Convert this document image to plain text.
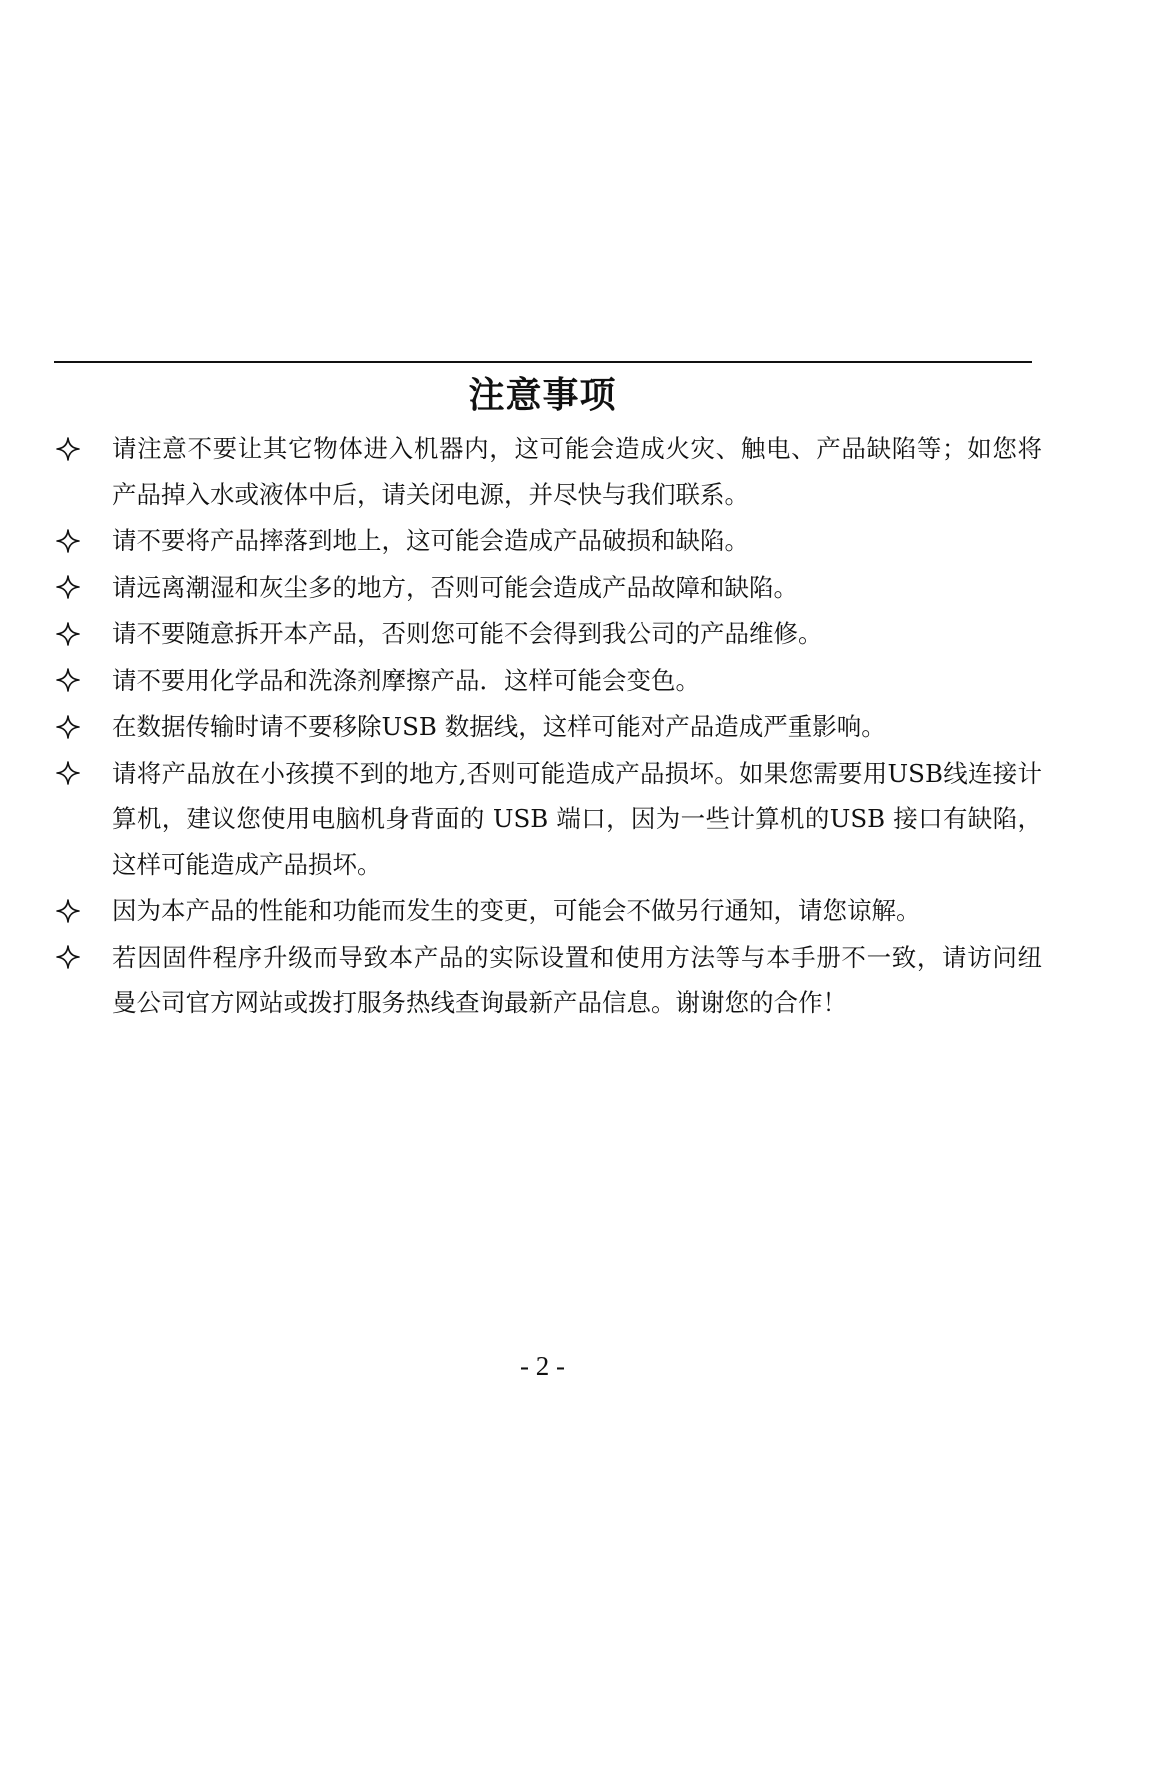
注意事项
请注意不要让其它物体进入机器内，这可能会造成火灾、触电、产品缺陷等；如您将产品掉入水或液体中后，请关闭电源，并尽快与我们联系。
请不要将产品摔落到地上，这可能会造成产品破损和缺陷。
请远离潮湿和灰尘多的地方，否则可能会造成产品故障和缺陷。
请不要随意拆开本产品，否则您可能不会得到我公司的产品维修。
请不要用化学品和洗涤剂摩擦产品．这样可能会变色。
在数据传输时请不要移除USB 数据线，这样可能对产品造成严重影响。
请将产品放在小孩摸不到的地方,否则可能造成产品损坏。如果您需要用USB线连接计算机，建议您使用电脑机身背面的 USB 端口，因为一些计算机的USB 接口有缺陷，这样可能造成产品损坏。
因为本产品的性能和功能而发生的变更，可能会不做另行通知，请您谅解。
若因固件程序升级而导致本产品的实际设置和使用方法等与本手册不一致，请访问纽曼公司官方网站或拨打服务热线查询最新产品信息。谢谢您的合作！
- 2 -
